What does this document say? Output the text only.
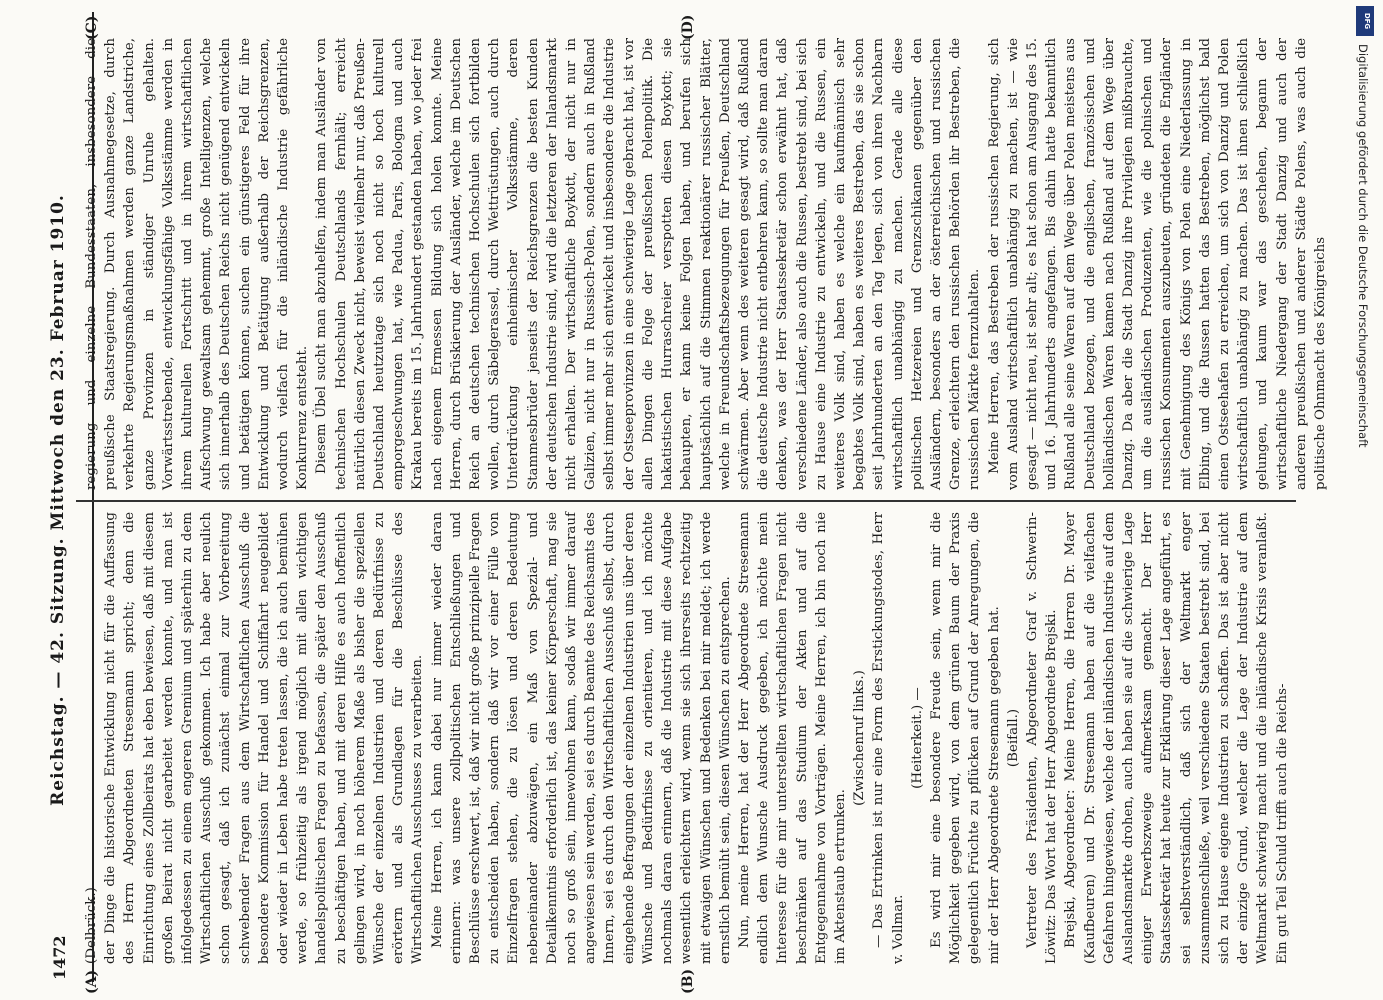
1472
Reichstag. — 42. Sitzung. Mittwoch den 23. Februar 1910.
(A)	(B)
(C)	(D)

(Delbrück.) der Dinge die historische Entwicklung nicht für die Auffassung des Herrn Abgeordneten Stresemann spricht; denn die Einrichtung eines Zollbeirats hat eben bewiesen, daß mit diesem großen Beirat nicht gearbeitet werden konnte, und man ist infolgedessen zu einem engeren Gremium und späterhin zu dem Wirtschaftlichen Ausschuß gekommen. Ich habe aber neulich schon gesagt, daß ich zunächst einmal zur Vorbereitung schwebender Fragen aus dem Wirtschaftlichen Ausschuß die besondere Kommission für Handel und Schiffahrt neugebildet oder wieder in Leben habe treten lassen, die ich auch bemühen werde, so frühzeitig als irgend möglich mit allen wichtigen handelspolitischen Fragen zu befassen, die später den Ausschuß zu beschäftigen haben, und mit deren Hilfe es auch hoffentlich gelingen wird, in noch höherem Maße als bisher die speziellen Wünsche der einzelnen Industrien und deren Bedürfnisse zu erörtern und als Grundlagen für die Beschlüsse des Wirtschaftlichen Ausschusses zu verarbeiten. Meine Herren, ich kann dabei nur immer wieder daran erinnern: was unsere zollpolitischen Entschließungen und Beschlüsse erschwert, ist, daß wir nicht große prinzipielle Fragen zu entscheiden haben, sondern daß wir vor einer Fülle von Einzelfragen stehen, die zu lösen und deren Bedeutung nebeneinander abzuwägen, ein Maß von Spezial- und Detailkenntnis erforderlich ist, das keiner Körperschaft, mag sie noch so groß sein, innewohnen kann, sodaß wir immer darauf angewiesen sein werden, sei es durch Beamte des Reichsamts des Innern, sei es durch den Wirtschaftlichen Ausschuß selbst, durch eingehende Befragungen der einzelnen Industrien uns über deren Wünsche und Bedürfnisse zu orientieren, und ich möchte nochmals daran erinnern, daß die Industrie mit diese Aufgabe wesentlich erleichtern wird, wenn sie sich ihrerseits rechtzeitig mit etwaigen Wünschen und Bedenken bei mir meldet; ich werde ernstlich bemüht sein, diesen Wünschen zu entsprechen. Nun, meine Herren, hat der Herr Abgeordnete Stresemann endlich dem Wunsche Ausdruck gegeben, ich möchte mein Interesse für die mir unterstellten wirtschaftlichen Fragen nicht beschränken auf das Studium der Akten und auf die Entgegennahme von Vorträgen. Meine Herren, ich bin noch nie im Aktenstaub ertrunken.

(Zwischenruf links.) — Das Ertrinken ist nur eine Form des Erstickungstodes, Herr v. Vollmar.

(Heiterkeit.) — Es wird mir eine besondere Freude sein, wenn mir die Möglichkeit gegeben wird, von dem grünen Baum der Praxis gelegentlich Früchte zu pflücken auf Grund der Anregungen, die mir der Herr Abgeordnete Stresemann gegeben hat. (Beifall.) Vertreter des Präsidenten, Abgeordneter Graf v. Schwerin-Löwitz: Das Wort hat der Herr Abgeordnete Brejski. Brejski, Abgeordneter: Meine Herren, die Herren Dr. Mayer (Kaufbeuren) und Dr. Stresemann haben auf die vielfachen Gefahren hingewiesen, welche der inländischen Industrie auf dem Auslandsmarkte drohen, auch haben sie auf die schwierige Lage einiger Erwerbszweige aufmerksam gemacht. Der Herr Staatssekretär hat heute zur Erklärung dieser Lage angeführt, es sei selbstverständlich, daß sich der Weltmarkt enger zusammenschließe, weil verschiedene Staaten bestrebt sind, bei sich zu Hause eigene Industrien zu schaffen. Das ist aber nicht der einzige Grund, welcher die Lage der Industrie auf dem Weltmarkt schwierig macht und die inländische Krisis veranlaßt. Ein gut Teil Schuld trifft auch die Reichs-

regierung und einzelne Bundesstaaten, insbesondere die preußische Staatsregierung. Durch Ausnahmegesetze, durch verkehrte Regierungsmaßnahmen werden ganze Landstriche, ganze Provinzen in ständiger Unruhe gehalten. Vorwärtsstrebende, entwicklungsfähige Volksstämme werden in ihrem kulturellen Fortschritt und in ihrem wirtschaftlichen Aufschwung gewaltsam gehemmt, große Intelligenzen, welche sich innerhalb des Deutschen Reichs nicht genügend entwickeln und betätigen können, suchen ein günstigeres Feld für ihre Entwicklung und Betätigung außerhalb der Reichsgrenzen, wodurch vielfach für die inländische Industrie gefährliche Konkurrenz entsteht. Diesem Übel sucht man abzuhelfen, indem man Ausländer von technischen Hochschulen Deutschlands fernhält; erreicht natürlich diesen Zweck nicht, beweist vielmehr nur, daß Preußen-Deutschland heutzutage sich noch nicht so hoch kulturell emporgeschwungen hat, wie Padua, Paris, Bologna und auch Krakau bereits im 15. Jahrhundert gestanden haben, wo jeder frei nach eigenem Ermessen Bildung sich holen konnte. Meine Herren, durch Brüskierung der Ausländer, welche im Deutschen Reich an deutschen technischen Hochschulen sich fortbilden wollen, durch Säbelgerassel, durch Wettrüstungen, auch durch Unterdrückung einheimischer Volksstämme, deren Stammesbrüder jenseits der Reichsgrenzen die besten Kunden der deutschen Industrie sind, wird die letzteren der Inlandsmarkt nicht erhalten. Der wirtschaftliche Boykott, der nicht nur in Galizien, nicht nur in Russisch-Polen, sondern auch in Rußland selbst immer mehr sich entwickelt und insbesondere die Industrie der Ostseeprovinzen in eine schwierige Lage gebracht hat, ist vor allen Dingen die Folge der preußischen Polenpolitik. Die hakatistischen Hurraschreier verspotten diesen Boykott; sie behaupten, er kann keine Folgen haben, und berufen sich hauptsächlich auf die Stimmen reaktionärer russischer Blätter, welche in Freundschaftsbezeugungen für Preußen, Deutschland schwärmen. Aber wenn des weiteren gesagt wird, daß Rußland die deutsche Industrie nicht entbehren kann, so sollte man daran denken, was der Herr Staatssekretär schon erwähnt hat, daß verschiedene Länder, also auch die Russen, bestrebt sind, bei sich zu Hause eine Industrie zu entwickeln, und die Russen, ein weiteres Volk sind, haben es welche ein kaufmännisch sehr begabtes Volk sind, haben es weiteres Bestreben, das sie schon seit Jahrhunderten an den Tag legen, sich von ihren Nachbarn wirtschaftlich unabhängig zu machen. Gerade alle diese politischen Hetzereien und Grenzschikanen gegenüber den Ausländern, besonders an der österreichischen und russischen Grenze, erleichtern den russischen Behörden ihr Bestreben, die russischen Märkte fernzuhalten. Meine Herren, das Bestreben der russischen Regierung, sich vom Ausland wirtschaftlich unabhängig zu machen, ist — wie gesagt — nicht neu, ist sehr alt; es hat schon am Ausgang des 15. und 16. Jahrhunderts angefangen. Bis dahin hatte bekanntlich Rußland alle seine Waren auf dem Wege über Polen meistens aus Deutschland bezogen, und die englischen, französischen und holländischen Waren kamen nach Rußland auf dem Wege über Danzig. Da aber die Stadt Danzig ihre Privilegien mißbrauchte, um die ausländischen Produzenten, wie die polnischen und russischen Konsumenten auszubeuten, gründeten die Engländer mit Genehmigung des Königs von Polen eine Niederlassung in Elbing, und die Russen hatten das Bestreben, möglichst bald einen Ostseehafen zu erreichen, um sich von Danzig und Polen wirtschaftlich unabhängig zu machen. Das ist ihnen schließlich gelungen, und kaum war das geschehen, begann der wirtschaftliche Niedergang der Stadt Danzig und auch der anderen preußischen und anderer Städte Polens, was auch die politische Ohnmacht des Königreichs

DFG
Digitalisierung gefördert durch die Deutsche Forschungsgemeinschaft
